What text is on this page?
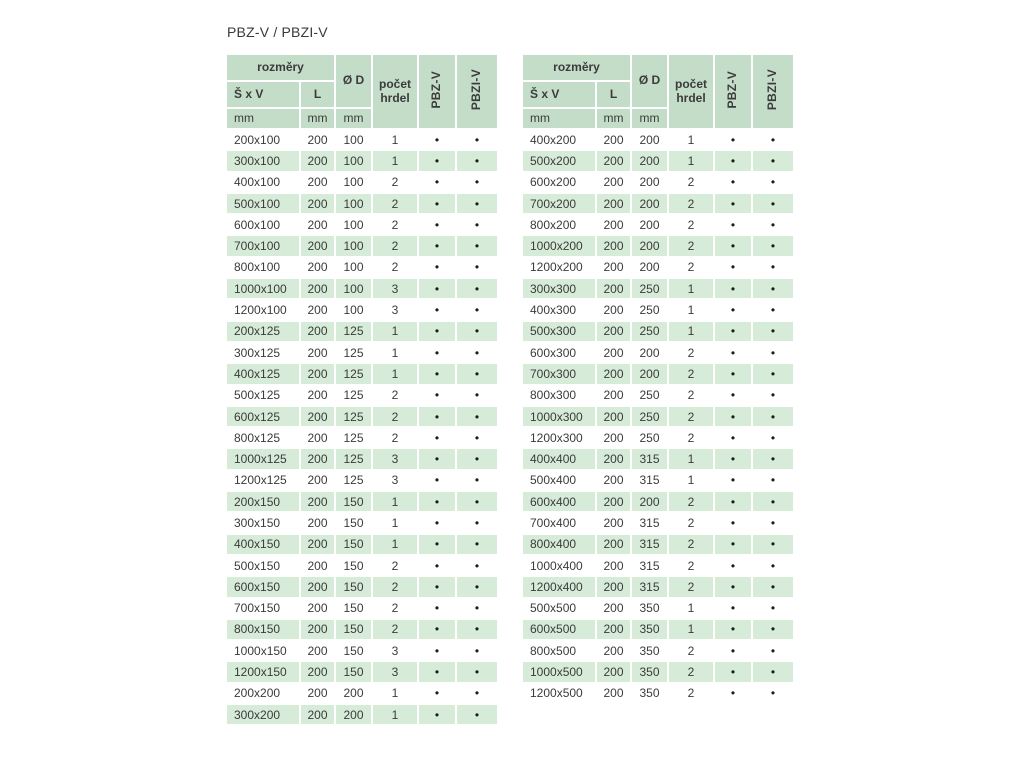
PBZ-V / PBZI-V
rozměry		Ø D	počet hrdel	PBZ-V	PBZI-V
Š x V	L				
mm	mm	mm			
200x100	200	100	1	•	•
300x100	200	100	1	•	•
400x100	200	100	2	•	•
500x100	200	100	2	•	•
600x100	200	100	2	•	•
700x100	200	100	2	•	•
800x100	200	100	2	•	•
1000x100	200	100	3	•	•
1200x100	200	100	3	•	•
200x125	200	125	1	•	•
300x125	200	125	1	•	•
400x125	200	125	1	•	•
500x125	200	125	2	•	•
600x125	200	125	2	•	•
800x125	200	125	2	•	•
1000x125	200	125	3	•	•
1200x125	200	125	3	•	•
200x150	200	150	1	•	•
300x150	200	150	1	•	•
400x150	200	150	1	•	•
500x150	200	150	2	•	•
600x150	200	150	2	•	•
700x150	200	150	2	•	•
800x150	200	150	2	•	•
1000x150	200	150	3	•	•
1200x150	200	150	3	•	•
200x200	200	200	1	•	•
300x200	200	200	1	•	•
rozměry		Ø D	počet hrdel	PBZ-V	PBZI-V
Š x V	L				
mm	mm	mm			
400x200	200	200	1	•	•
500x200	200	200	1	•	•
600x200	200	200	2	•	•
700x200	200	200	2	•	•
800x200	200	200	2	•	•
1000x200	200	200	2	•	•
1200x200	200	200	2	•	•
300x300	200	250	1	•	•
400x300	200	250	1	•	•
500x300	200	250	1	•	•
600x300	200	200	2	•	•
700x300	200	200	2	•	•
800x300	200	250	2	•	•
1000x300	200	250	2	•	•
1200x300	200	250	2	•	•
400x400	200	315	1	•	•
500x400	200	315	1	•	•
600x400	200	200	2	•	•
700x400	200	315	2	•	•
800x400	200	315	2	•	•
1000x400	200	315	2	•	•
1200x400	200	315	2	•	•
500x500	200	350	1	•	•
600x500	200	350	1	•	•
800x500	200	350	2	•	•
1000x500	200	350	2	•	•
1200x500	200	350	2	•	•
